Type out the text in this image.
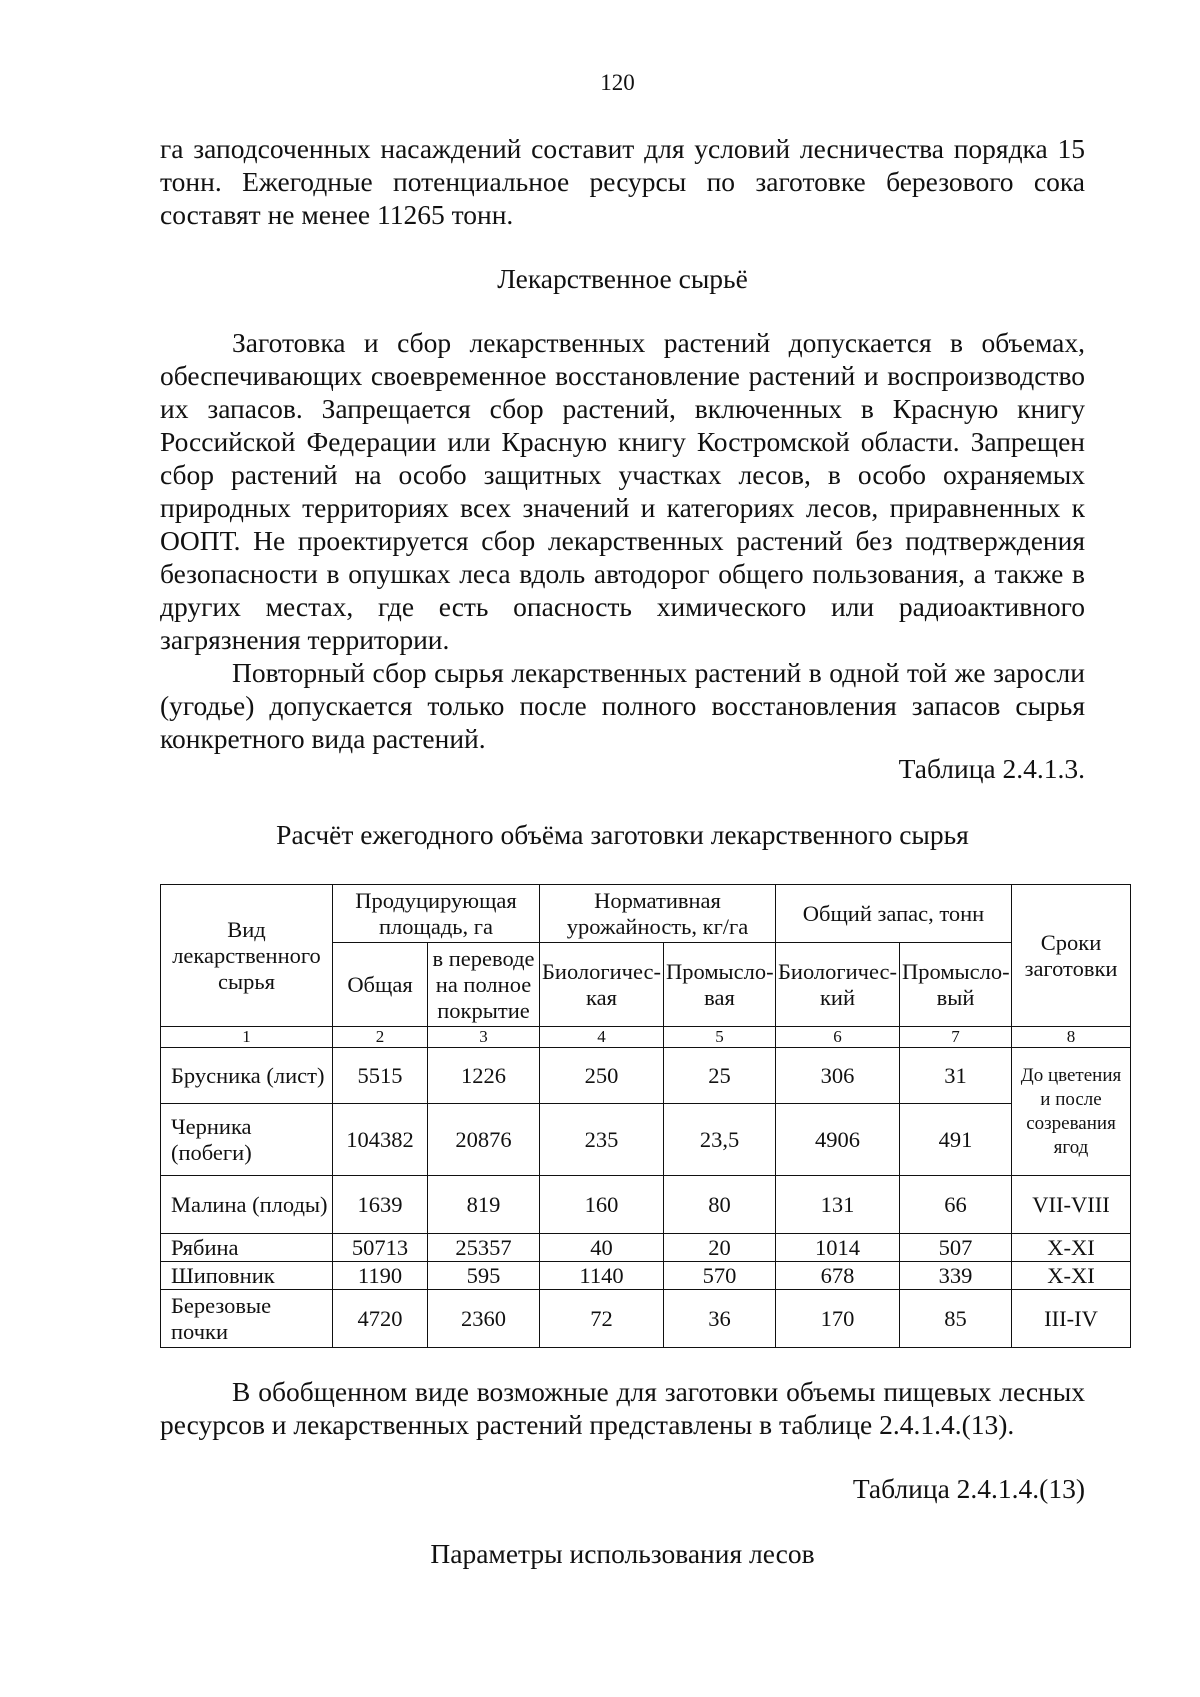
120

га заподсоченных насаждений составит для условий лесничества порядка 15 тонн. Ежегодные потенциальное ресурсы по заготовке березового сока составят не менее 11265 тонн.

Лекарственное сырьё

Заготовка и сбор лекарственных растений допускается в объемах, обеспечивающих своевременное восстановление растений и воспроизводство их запасов. Запрещается сбор растений, включенных в Красную книгу Российской Федерации или Красную книгу Костромской области. Запрещен сбор растений на особо защитных участках лесов, в особо охраняемых природных территориях всех значений и категориях лесов, приравненных к ООПТ. Не проектируется сбор лекарственных растений без подтверждения безопасности в опушках леса вдоль автодорог общего пользования, а также в других местах, где есть опасность химического или радиоактивного загрязнения территории.

Повторный сбор сырья лекарственных растений в одной той же заросли (угодье) допускается только после полного восстановления запасов сырья конкретного вида растений.

Таблица 2.4.1.3.
Расчёт ежегодного объёма заготовки лекарственного сырья
Вид лекарственного сырья	Продуцирующая площадь, га		Нормативная урожайность, кг/га		Общий запас, тонн		Сроки заготовки
	Общая	в переводе на полное покрытие	Биологичес-кая	Промысло-вая	Биологичес-кий	Промысло-вый	
1	2	3	4	5	6	7	8
Брусника (лист)	5515	1226	250	25	306	31	До цветения и после созревания ягод
Черника (побеги)	104382	20876	235	23,5	4906	491	
Малина (плоды)	1639	819	160	80	131	66	VII-VIII
Рябина	50713	25357	40	20	1014	507	X-XI
Шиповник	1190	595	1140	570	678	339	X-XI
Березовые почки	4720	2360	72	36	170	85	III-IV

В обобщенном виде возможные для заготовки объемы пищевых лесных ресурсов и лекарственных растений представлены в таблице 2.4.1.4.(13).

Таблица 2.4.1.4.(13)
Параметры использования лесов
